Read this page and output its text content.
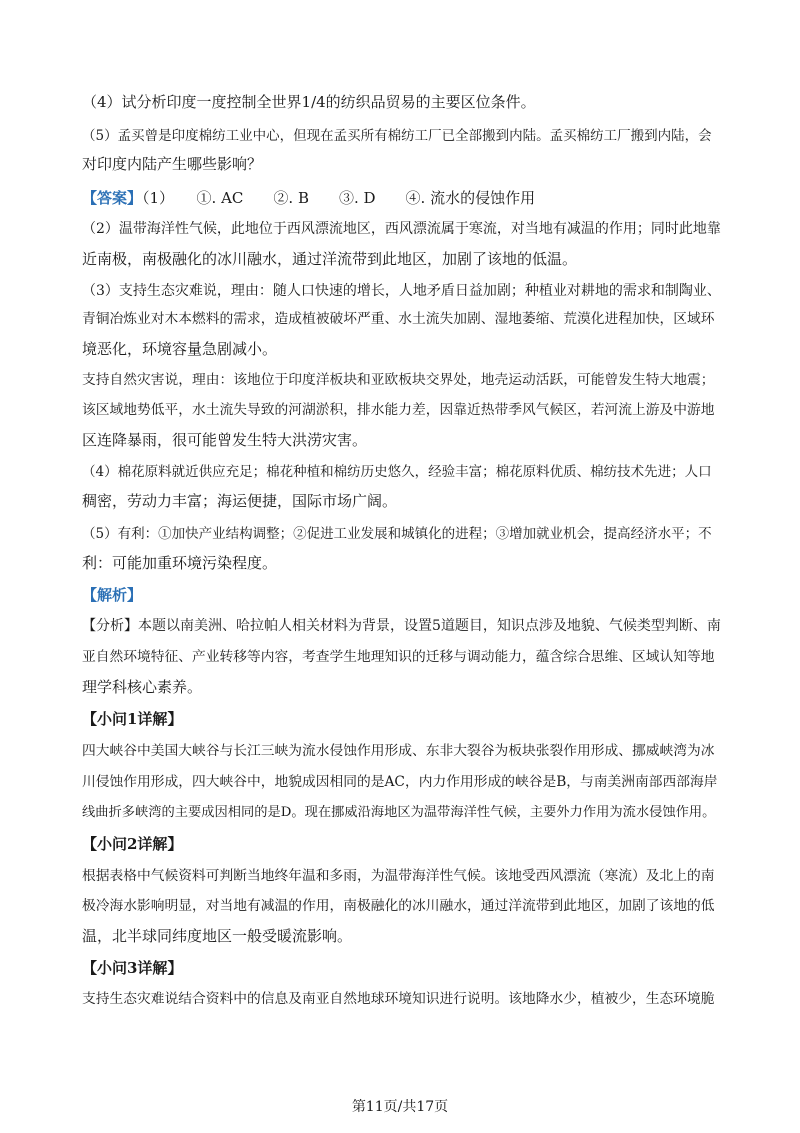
（4）试分析印度一度控制全世界1/4的纺织品贸易的主要区位条件。
（5）孟买曾是印度棉纺工业中心，但现在孟买所有棉纺工厂已全部搬到内陆。孟买棉纺工厂搬到内陆，会
对印度内陆产生哪些影响？
【答案】（1）　　①. AC　　②. B　　③. D　　④. 流水的侵蚀作用
（2）温带海洋性气候，此地位于西风漂流地区，西风漂流属于寒流，对当地有减温的作用；同时此地靠
近南极，南极融化的冰川融水，通过洋流带到此地区，加剧了该地的低温。
（3）支持生态灾难说，理由：随人口快速的增长，人地矛盾日益加剧；种植业对耕地的需求和制陶业、
青铜冶炼业对木本燃料的需求，造成植被破坏严重、水土流失加剧、湿地萎缩、荒漠化进程加快，区域环
境恶化，环境容量急剧减小。
支持自然灾害说，理由：该地位于印度洋板块和亚欧板块交界处，地壳运动活跃，可能曾发生特大地震；
该区域地势低平，水土流失导致的河湖淤积，排水能力差，因靠近热带季风气候区，若河流上游及中游地
区连降暴雨，很可能曾发生特大洪涝灾害。
（4）棉花原料就近供应充足；棉花种植和棉纺历史悠久，经验丰富；棉花原料优质、棉纺技术先进；人口
稠密，劳动力丰富；海运便捷，国际市场广阔。
（5）有利：①加快产业结构调整；②促进工业发展和城镇化的进程；③增加就业机会，提高经济水平；不
利：可能加重环境污染程度。
【解析】
【分析】本题以南美洲、哈拉帕人相关材料为背景，设置5道题目，知识点涉及地貌、气候类型判断、南
亚自然环境特征、产业转移等内容，考查学生地理知识的迁移与调动能力，蕴含综合思维、区域认知等地
理学科核心素养。
【小问1详解】
四大峡谷中美国大峡谷与长江三峡为流水侵蚀作用形成、东非大裂谷为板块张裂作用形成、挪威峡湾为冰
川侵蚀作用形成，四大峡谷中，地貌成因相同的是AC，内力作用形成的峡谷是B，与南美洲南部西部海岸
线曲折多峡湾的主要成因相同的是D。现在挪威沿海地区为温带海洋性气候，主要外力作用为流水侵蚀作用。
【小问2详解】
根据表格中气候资料可判断当地终年温和多雨，为温带海洋性气候。该地受西风漂流（寒流）及北上的南
极冷海水影响明显，对当地有减温的作用，南极融化的冰川融水，通过洋流带到此地区，加剧了该地的低
温，北半球同纬度地区一般受暖流影响。
【小问3详解】
支持生态灾难说结合资料中的信息及南亚自然地球环境知识进行说明。该地降水少，植被少，生态环境脆
第11页/共17页
